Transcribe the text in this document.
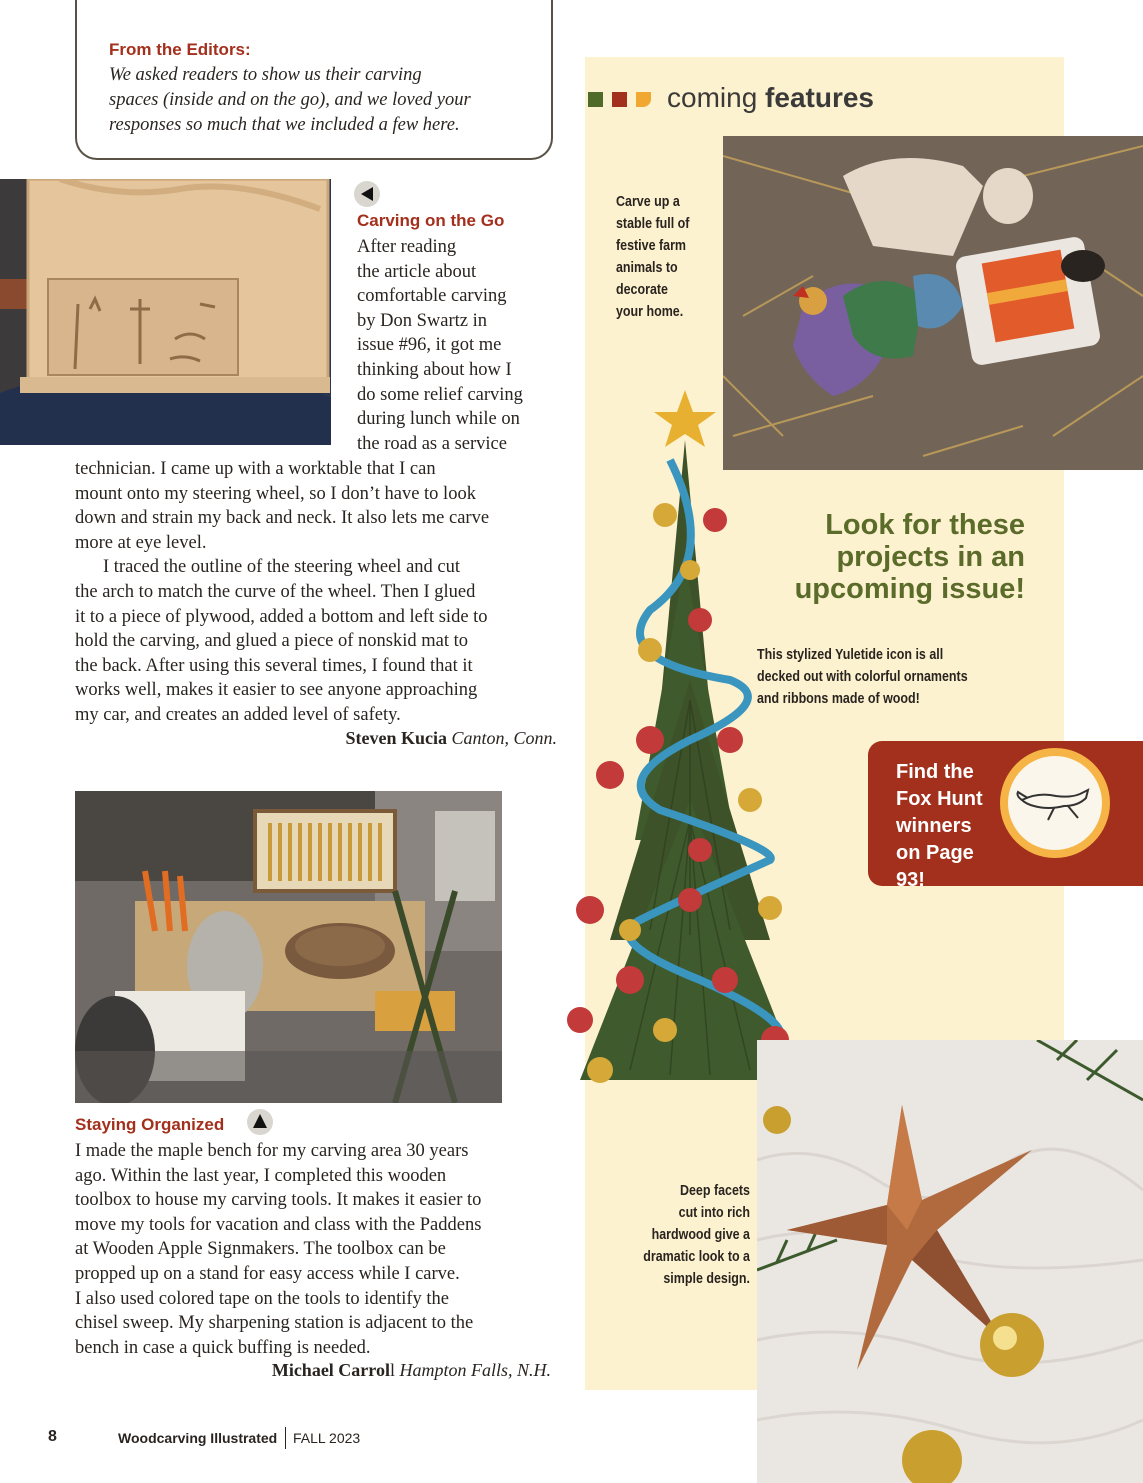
From the Editors:
We asked readers to show us their carving
spaces (inside and on the go), and we loved your
responses so much that we included a few here.
Carving on the Go
After reading
the article about
comfortable carving
by Don Swartz in
issue #96, it got me
thinking about how I
do some relief carving
during lunch while on
the road as a service
technician. I came up with a worktable that I can
mount onto my steering wheel, so I don’t have to look
down and strain my back and neck. It also lets me carve
more at eye level.
I traced the outline of the steering wheel and cut
the arch to match the curve of the wheel. Then I glued
it to a piece of plywood, added a bottom and left side to
hold the carving, and glued a piece of nonskid mat to
the back. After using this several times, I found that it
works well, makes it easier to see anyone approaching
my car, and creates an added level of safety.
Steven Kucia Canton, Conn.
Staying Organized
I made the maple bench for my carving area 30 years
ago. Within the last year, I completed this wooden
toolbox to house my carving tools. It makes it easier to
move my tools for vacation and class with the Paddens
at Wooden Apple Signmakers. The toolbox can be
propped up on a stand for easy access while I carve.
I also used colored tape on the tools to identify the
chisel sweep. My sharpening station is adjacent to the
bench in case a quick buffing is needed.
Michael Carroll Hampton Falls, N.H.
coming features
Carve up a
stable full of
festive farm
animals to
decorate
your home.
Look for these
projects in an
upcoming issue!
This stylized Yuletide icon is all
decked out with colorful ornaments
and ribbons made of wood!
Find the
Fox Hunt
winners
on Page 93!
Deep facets
cut into rich
hardwood give a
dramatic look to a
simple design.
8	Woodcarving Illustrated FALL 2023
